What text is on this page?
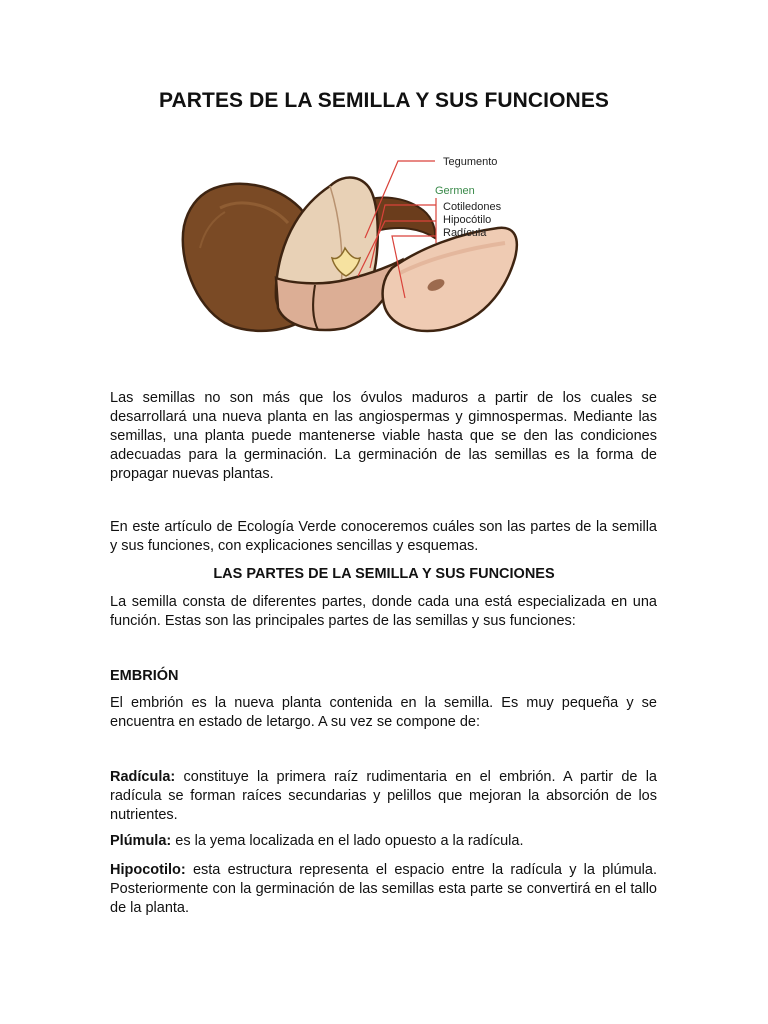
PARTES DE LA SEMILLA Y SUS FUNCIONES
Tegumento
Germen
Cotiledones
Hipocótilo
Radícula

Las semillas no son más que los óvulos maduros a partir de los cuales se desarrollará una nueva planta en las angiospermas y gimnospermas. Mediante las semillas, una planta puede mantenerse viable hasta que se den las condiciones adecuadas para la germinación. La germinación de las semillas es la forma de propagar nuevas plantas.

En este artículo de Ecología Verde conoceremos cuáles son las partes de la semilla y sus funciones, con explicaciones sencillas y esquemas.

LAS PARTES DE LA SEMILLA Y SUS FUNCIONES

La semilla consta de diferentes partes, donde cada una está especializada en una función. Estas son las principales partes de las semillas y sus funciones:

EMBRIÓN

El embrión es la nueva planta contenida en la semilla. Es muy pequeña y se encuentra en estado de letargo. A su vez se compone de:

Radícula: constituye la primera raíz rudimentaria en el embrión. A partir de la radícula se forman raíces secundarias y pelillos que mejoran la absorción de los nutrientes.

Plúmula: es la yema localizada en el lado opuesto a la radícula.

Hipocotilo: esta estructura representa el espacio entre la radícula y la plúmula. Posteriormente con la germinación de las semillas esta parte se convertirá en el tallo de la planta.
